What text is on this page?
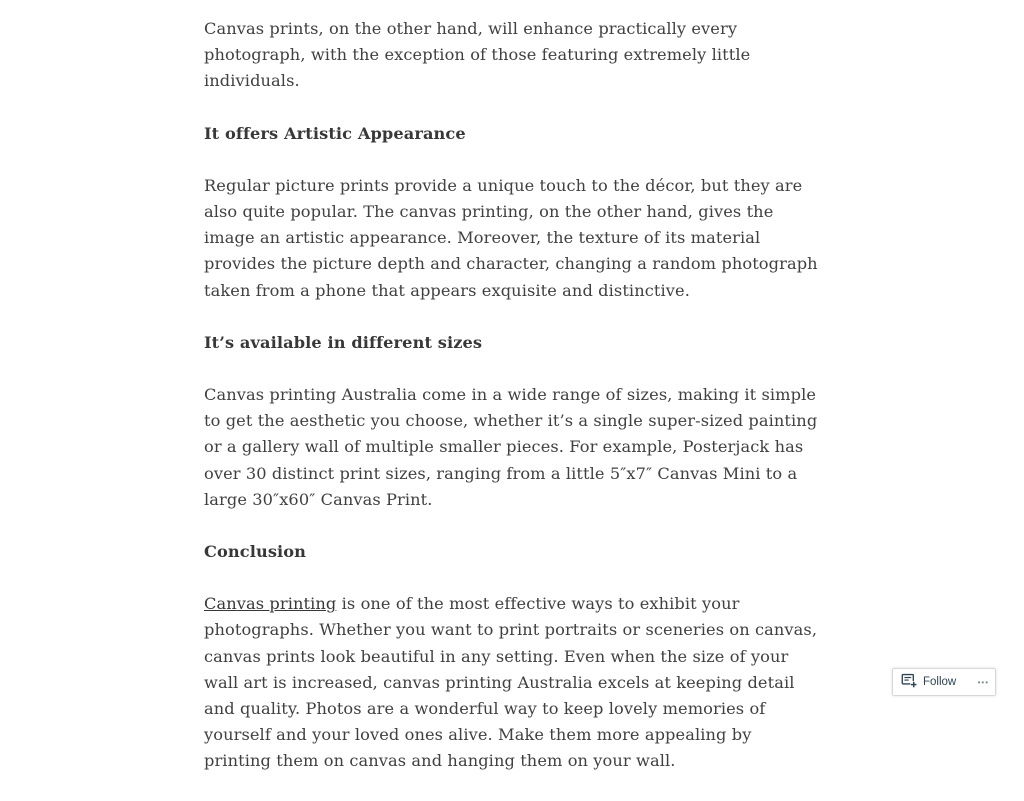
Canvas prints, on the other hand, will enhance practically every photograph, with the exception of those featuring extremely little individuals.

It offers Artistic Appearance

Regular picture prints provide a unique touch to the décor, but they are also quite popular. The canvas printing, on the other hand, gives the image an artistic appearance. Moreover, the texture of its material provides the picture depth and character, changing a random photograph taken from a phone that appears exquisite and distinctive.

It’s available in different sizes

Canvas printing Australia come in a wide range of sizes, making it simple to get the aesthetic you choose, whether it’s a single super-sized painting or a gallery wall of multiple smaller pieces. For example, Posterjack has over 30 distinct print sizes, ranging from a little 5″x7″ Canvas Mini to a large 30″x60″ Canvas Print.

Conclusion

Canvas printing is one of the most effective ways to exhibit your photographs. Whether you want to print portraits or sceneries on canvas, canvas prints look beautiful in any setting. Even when the size of your wall art is increased, canvas printing Australia excels at keeping detail and quality. Photos are a wonderful way to keep lovely memories of yourself and your loved ones alive. Make them more appealing by printing them on canvas and hanging them on your wall.

Follow	•••
